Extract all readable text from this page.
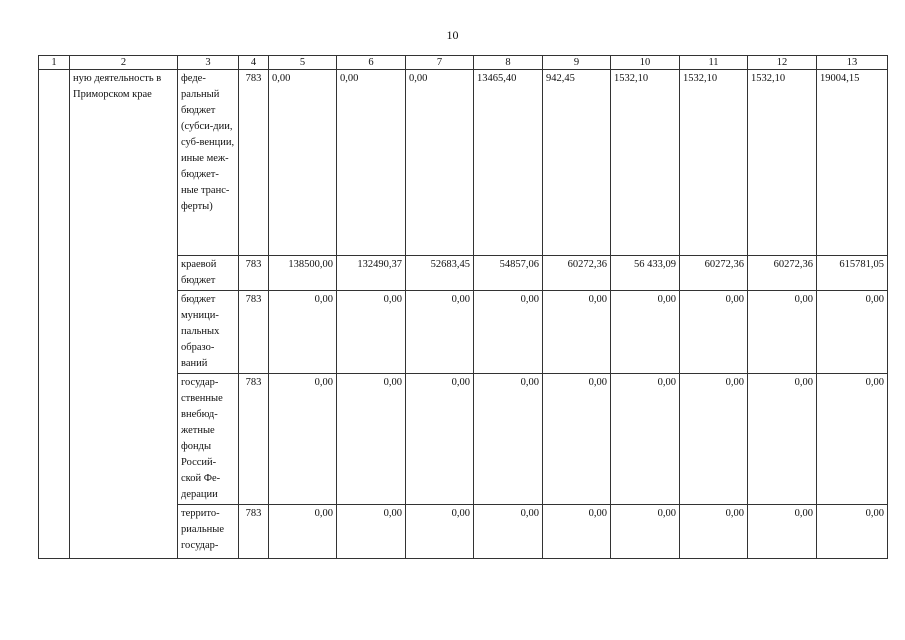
10
1	2	3	4	5	6	7	8	9	10	11	12	13
	ную деятельность в Приморском крае	феде-ральный бюджет (субси-дии, суб-венции, иные меж-бюджет-ные транс-ферты)	783	0,00	0,00	0,00	13465,40	942,45	1532,10	1532,10	1532,10	19004,15
		краевой бюджет	783	138500,00	132490,37	52683,45	54857,06	60272,36	56 433,09	60272,36	60272,36	615781,05
		бюджет муници-пальных образо-ваний	783	0,00	0,00	0,00	0,00	0,00	0,00	0,00	0,00	0,00
		государ-ственные внебюд-жетные фонды Россий-ской Фе-дерации	783	0,00	0,00	0,00	0,00	0,00	0,00	0,00	0,00	0,00
		террито-риальные государ-	783	0,00	0,00	0,00	0,00	0,00	0,00	0,00	0,00	0,00
